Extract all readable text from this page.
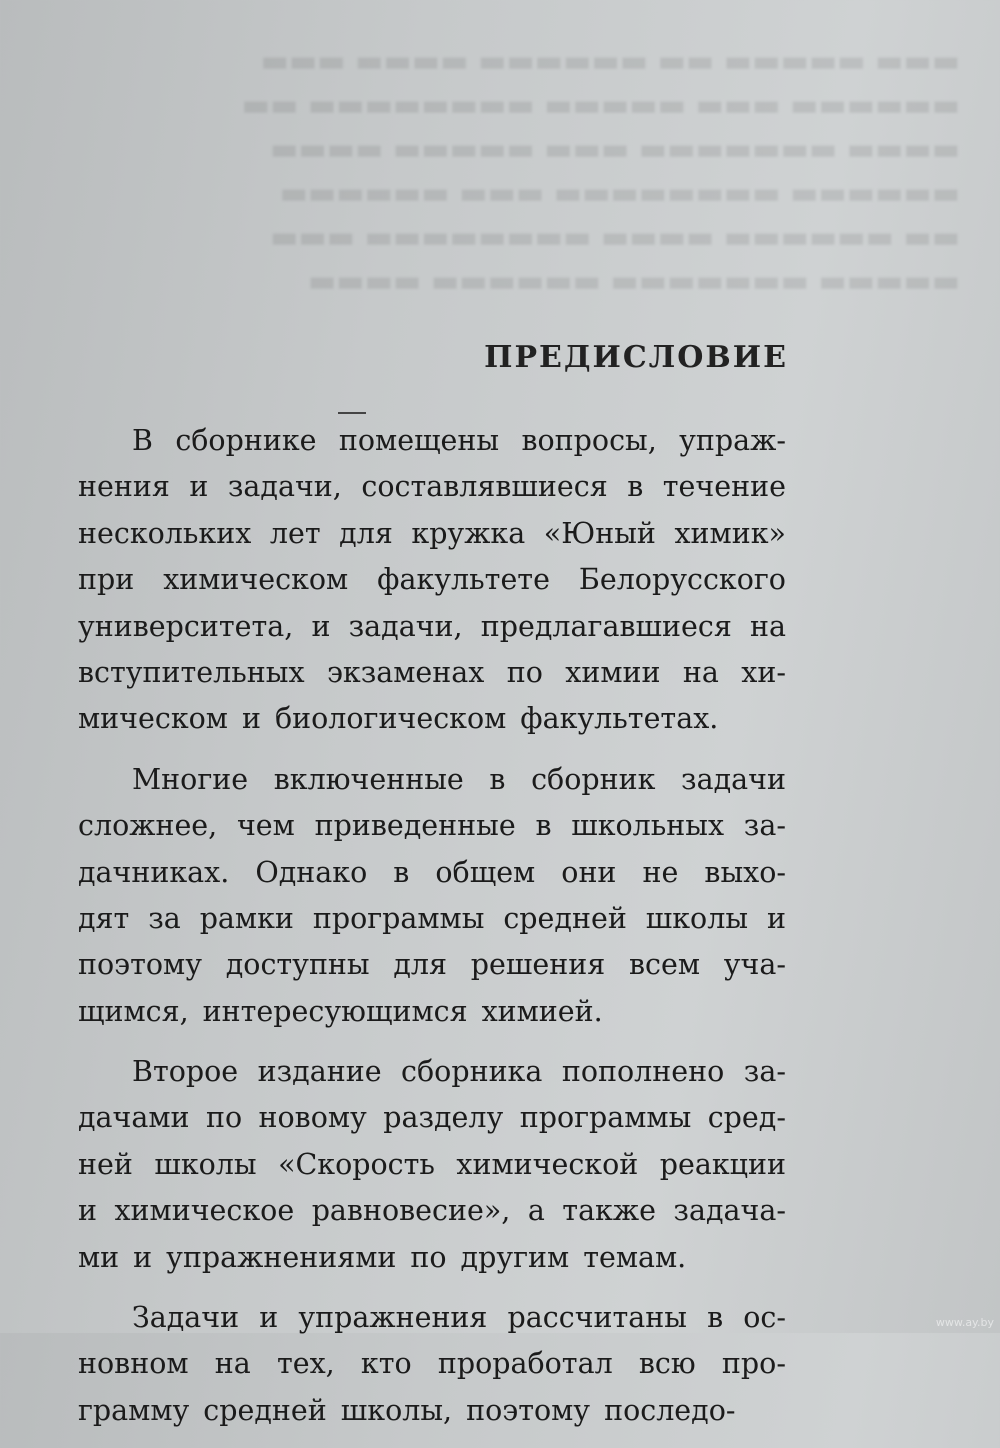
▬▬▬ ▬▬▬▬▬ ▬▬ ▬▬▬▬▬▬ ▬▬▬▬ ▬▬▬
▬▬▬▬▬▬ ▬▬▬ ▬▬▬▬▬ ▬▬▬▬▬▬▬▬ ▬▬
▬▬▬▬ ▬▬▬▬▬▬▬ ▬▬▬ ▬▬▬▬▬ ▬▬▬▬
▬▬▬▬▬▬ ▬▬▬▬▬▬▬▬ ▬▬▬ ▬▬▬▬▬▬
▬▬ ▬▬▬▬▬▬ ▬▬▬▬ ▬▬▬▬▬▬▬▬ ▬▬▬
▬▬▬▬▬ ▬▬▬▬▬▬▬ ▬▬▬▬▬▬ ▬▬▬▬
ПРЕДИСЛОВИЕ
В сборнике помещены вопросы, упраж-
нения и задачи, составлявшиеся в течение
нескольких лет для кружка «Юный химик»
при химическом факультете Белорусского
университета, и задачи, предлагавшиеся на
вступительных экзаменах по химии на хи-
мическом и биологическом факультетах.
Многие включенные в сборник задачи
сложнее, чем приведенные в школьных за-
дачниках. Однако в общем они не выхо-
дят за рамки программы средней школы и
поэтому доступны для решения всем уча-
щимся, интересующимся химией.
Второе издание сборника пополнено за-
дачами по новому разделу программы сред-
ней школы «Скорость химической реакции
и химическое равновесие», а также задача-
ми и упражнениями по другим темам.
Задачи и упражнения рассчитаны в ос-
новном на тех, кто проработал всю про-
грамму средней школы, поэтому последо-
www.ay.by
